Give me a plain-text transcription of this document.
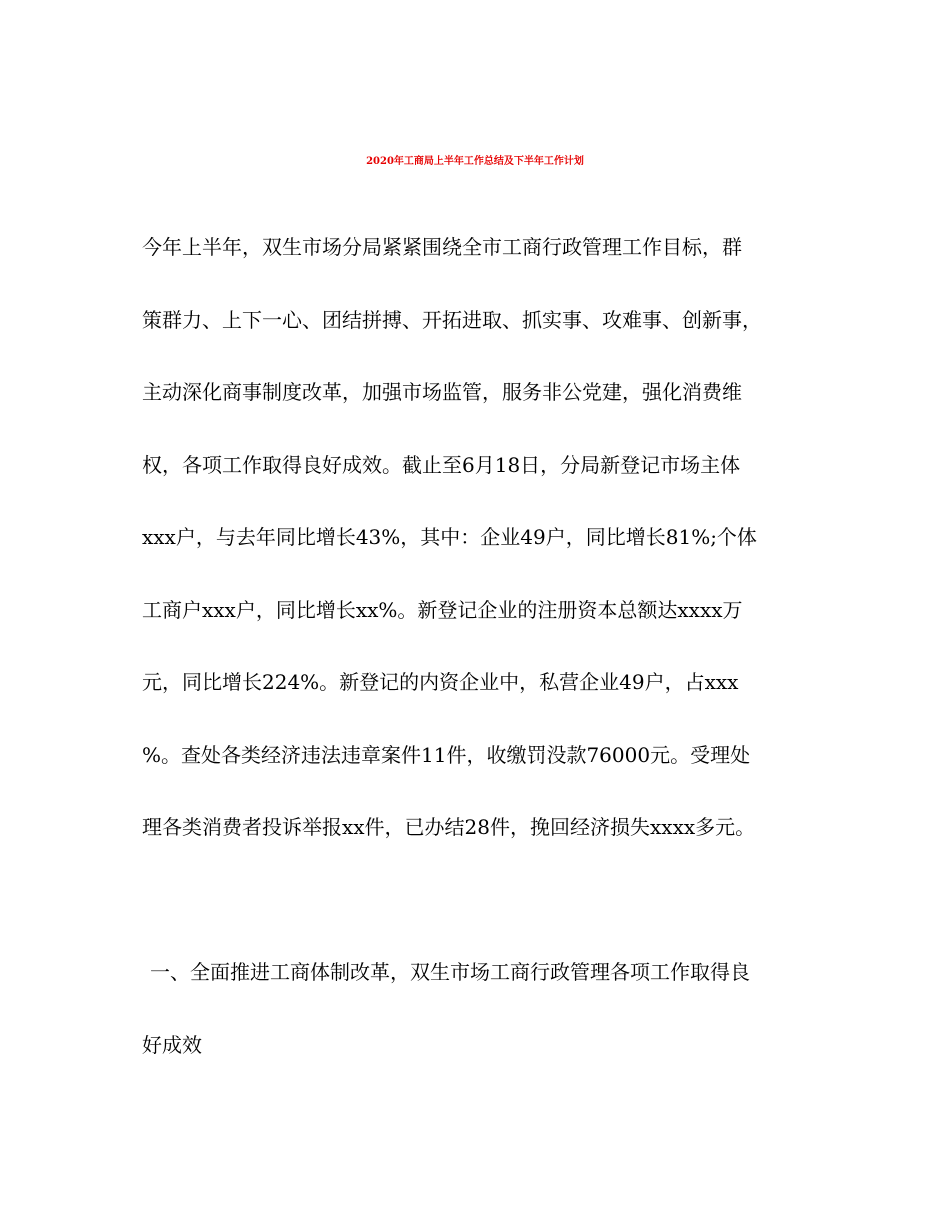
2020年工商局上半年工作总结及下半年工作计划
今年上半年，双生市场分局紧紧围绕全市工商行政管理工作目标，群
策群力、上下一心、团结拼搏、开拓进取、抓实事、攻难事、创新事，
主动深化商事制度改革，加强市场监管，服务非公党建，强化消费维
权，各项工作取得良好成效。截止至6月18日，分局新登记市场主体
xxx户，与去年同比增长43%，其中：企业49户，同比增长81%;个体
工商户xxx户，同比增长xx%。新登记企业的注册资本总额达xxxx万
元，同比增长224%。新登记的内资企业中，私营企业49户，占xxx
%。查处各类经济违法违章案件11件，收缴罚没款76000元。受理处
理各类消费者投诉举报xx件，已办结28件，挽回经济损失xxxx多元。
一、全面推进工商体制改革，双生市场工商行政管理各项工作取得良
好成效
